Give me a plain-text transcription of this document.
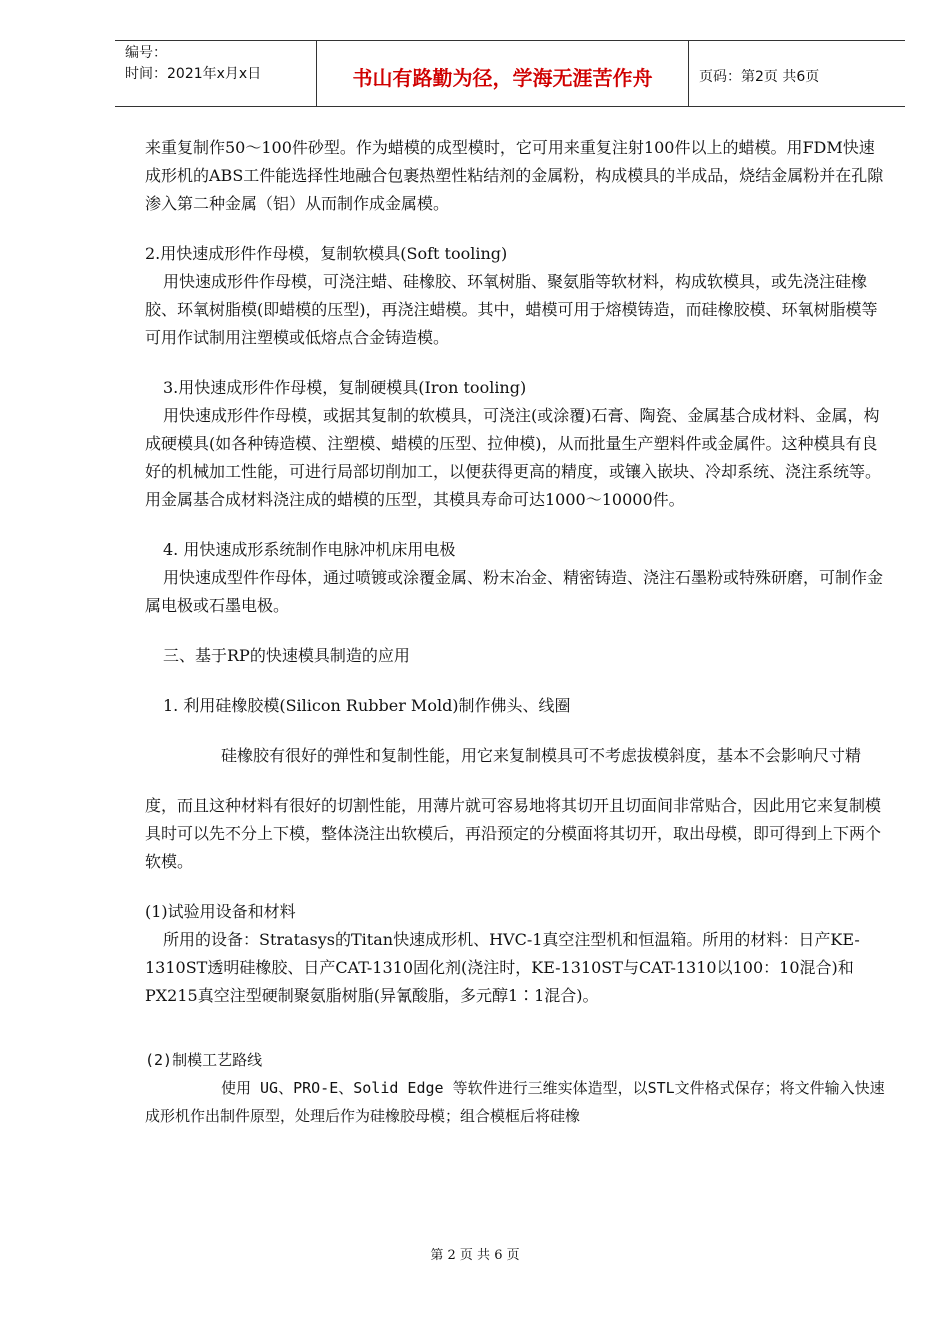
编号：
时间：2021年x月x日	书山有路勤为径，学海无涯苦作舟	页码：第2页 共6页

来重复制作50～100件砂型。作为蜡模的成型模时，它可用来重复注射100件以上的蜡模。用FDM快速成形机的ABS工件能选择性地融合包裹热塑性粘结剂的金属粉，构成模具的半成品，烧结金属粉并在孔隙渗入第二种金属（铝）从而制作成金属模。

2.用快速成形件作母模，复制软模具(Soft tooling)

用快速成形件作母模，可浇注蜡、硅橡胶、环氧树脂、聚氨脂等软材料，构成软模具，或先浇注硅橡胶、环氧树脂模(即蜡模的压型)，再浇注蜡模。其中，蜡模可用于熔模铸造，而硅橡胶模、环氧树脂模等可用作试制用注塑模或低熔点合金铸造模。

3.用快速成形件作母模，复制硬模具(Iron tooling)

用快速成形件作母模，或据其复制的软模具，可浇注(或涂覆)石膏、陶瓷、金属基合成材料、金属，构成硬模具(如各种铸造模、注塑模、蜡模的压型、拉伸模)，从而批量生产塑料件或金属件。这种模具有良好的机械加工性能，可进行局部切削加工，以便获得更高的精度，或镶入嵌块、冷却系统、浇注系统等。用金属基合成材料浇注成的蜡模的压型，其模具寿命可达1000～10000件。

4. 用快速成形系统制作电脉冲机床用电极

用快速成型件作母体，通过喷镀或涂覆金属、粉末冶金、精密铸造、浇注石墨粉或特殊研磨，可制作金属电极或石墨电极。

三、基于RP的快速模具制造的应用

1. 利用硅橡胶模(Silicon Rubber Mold)制作佛头、线圈

硅橡胶有很好的弹性和复制性能，用它来复制模具可不考虑拔模斜度，基本不会影响尺寸精

度，而且这种材料有很好的切割性能，用薄片就可容易地将其切开且切面间非常贴合，因此用它来复制模具时可以先不分上下模，整体浇注出软模后，再沿预定的分模面将其切开，取出母模，即可得到上下两个软模。

(1)试验用设备和材料

所用的设备：Stratasys的Titan快速成形机、HVC-1真空注型机和恒温箱。所用的材料：日产KE-1310ST透明硅橡胶、日产CAT-1310固化剂(浇注时，KE-1310ST与CAT-1310以100：10混合)和PX215真空注型硬制聚氨脂树脂(异氰酸脂，多元醇1∶1混合)。

(2)制模工艺路线

使用 UG、PRO-E、Solid Edge 等软件进行三维实体造型，以STL文件格式保存；将文件输入快速成形机作出制件原型，处理后作为硅橡胶母模；组合模框后将硅橡

第 2 页 共 6 页
